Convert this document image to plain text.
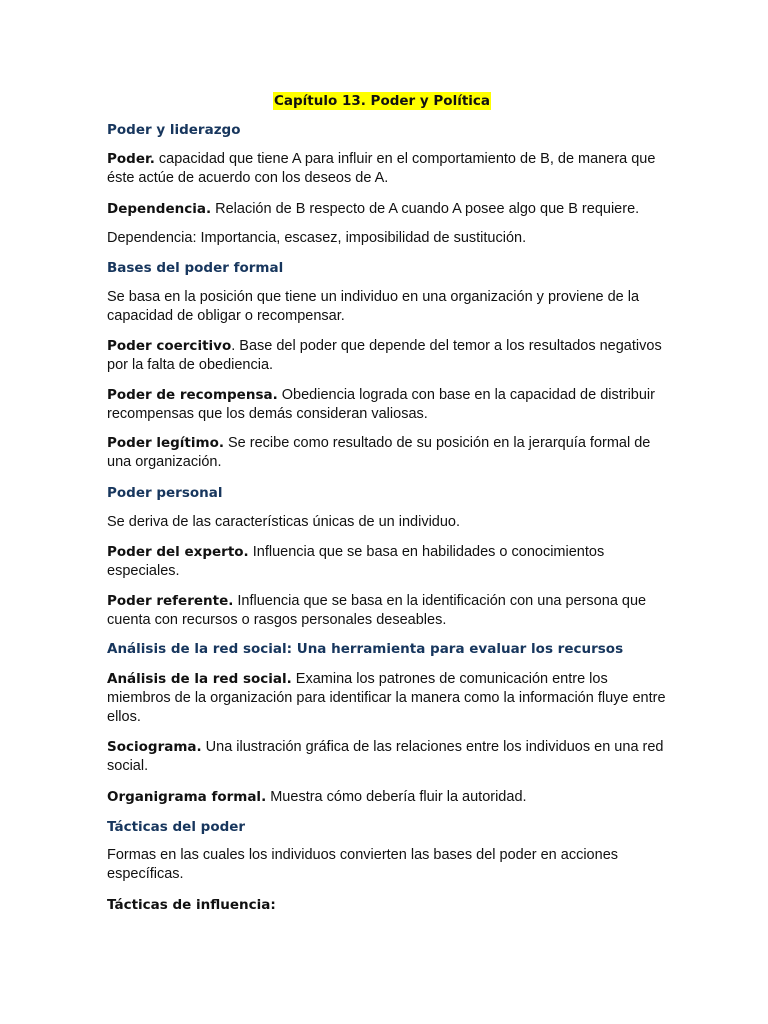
Capítulo 13. Poder y Política
Poder y liderazgo
Poder. capacidad que tiene A para influir en el comportamiento de B, de manera que éste actúe de acuerdo con los deseos de A.
Dependencia. Relación de B respecto de A cuando A posee algo que B requiere.
Dependencia: Importancia, escasez, imposibilidad de sustitución.
Bases del poder formal
Se basa en la posición que tiene un individuo en una organización y proviene de la capacidad de obligar o recompensar.
Poder coercitivo. Base del poder que depende del temor a los resultados negativos por la falta de obediencia.
Poder de recompensa. Obediencia lograda con base en la capacidad de distribuir recompensas que los demás consideran valiosas.
Poder legítimo. Se recibe como resultado de su posición en la jerarquía formal de una organización.
Poder personal
Se deriva de las características únicas de un individuo.
Poder del experto. Influencia que se basa en habilidades o conocimientos especiales.
Poder referente. Influencia que se basa en la identificación con una persona que cuenta con recursos o rasgos personales deseables.
Análisis de la red social: Una herramienta para evaluar los recursos
Análisis de la red social. Examina los patrones de comunicación entre los miembros de la organización para identificar la manera como la información fluye entre ellos.
Sociograma. Una ilustración gráfica de las relaciones entre los individuos en una red social.
Organigrama formal. Muestra cómo debería fluir la autoridad.
Tácticas del poder
Formas en las cuales los individuos convierten las bases del poder en acciones específicas.
Tácticas de influencia:
